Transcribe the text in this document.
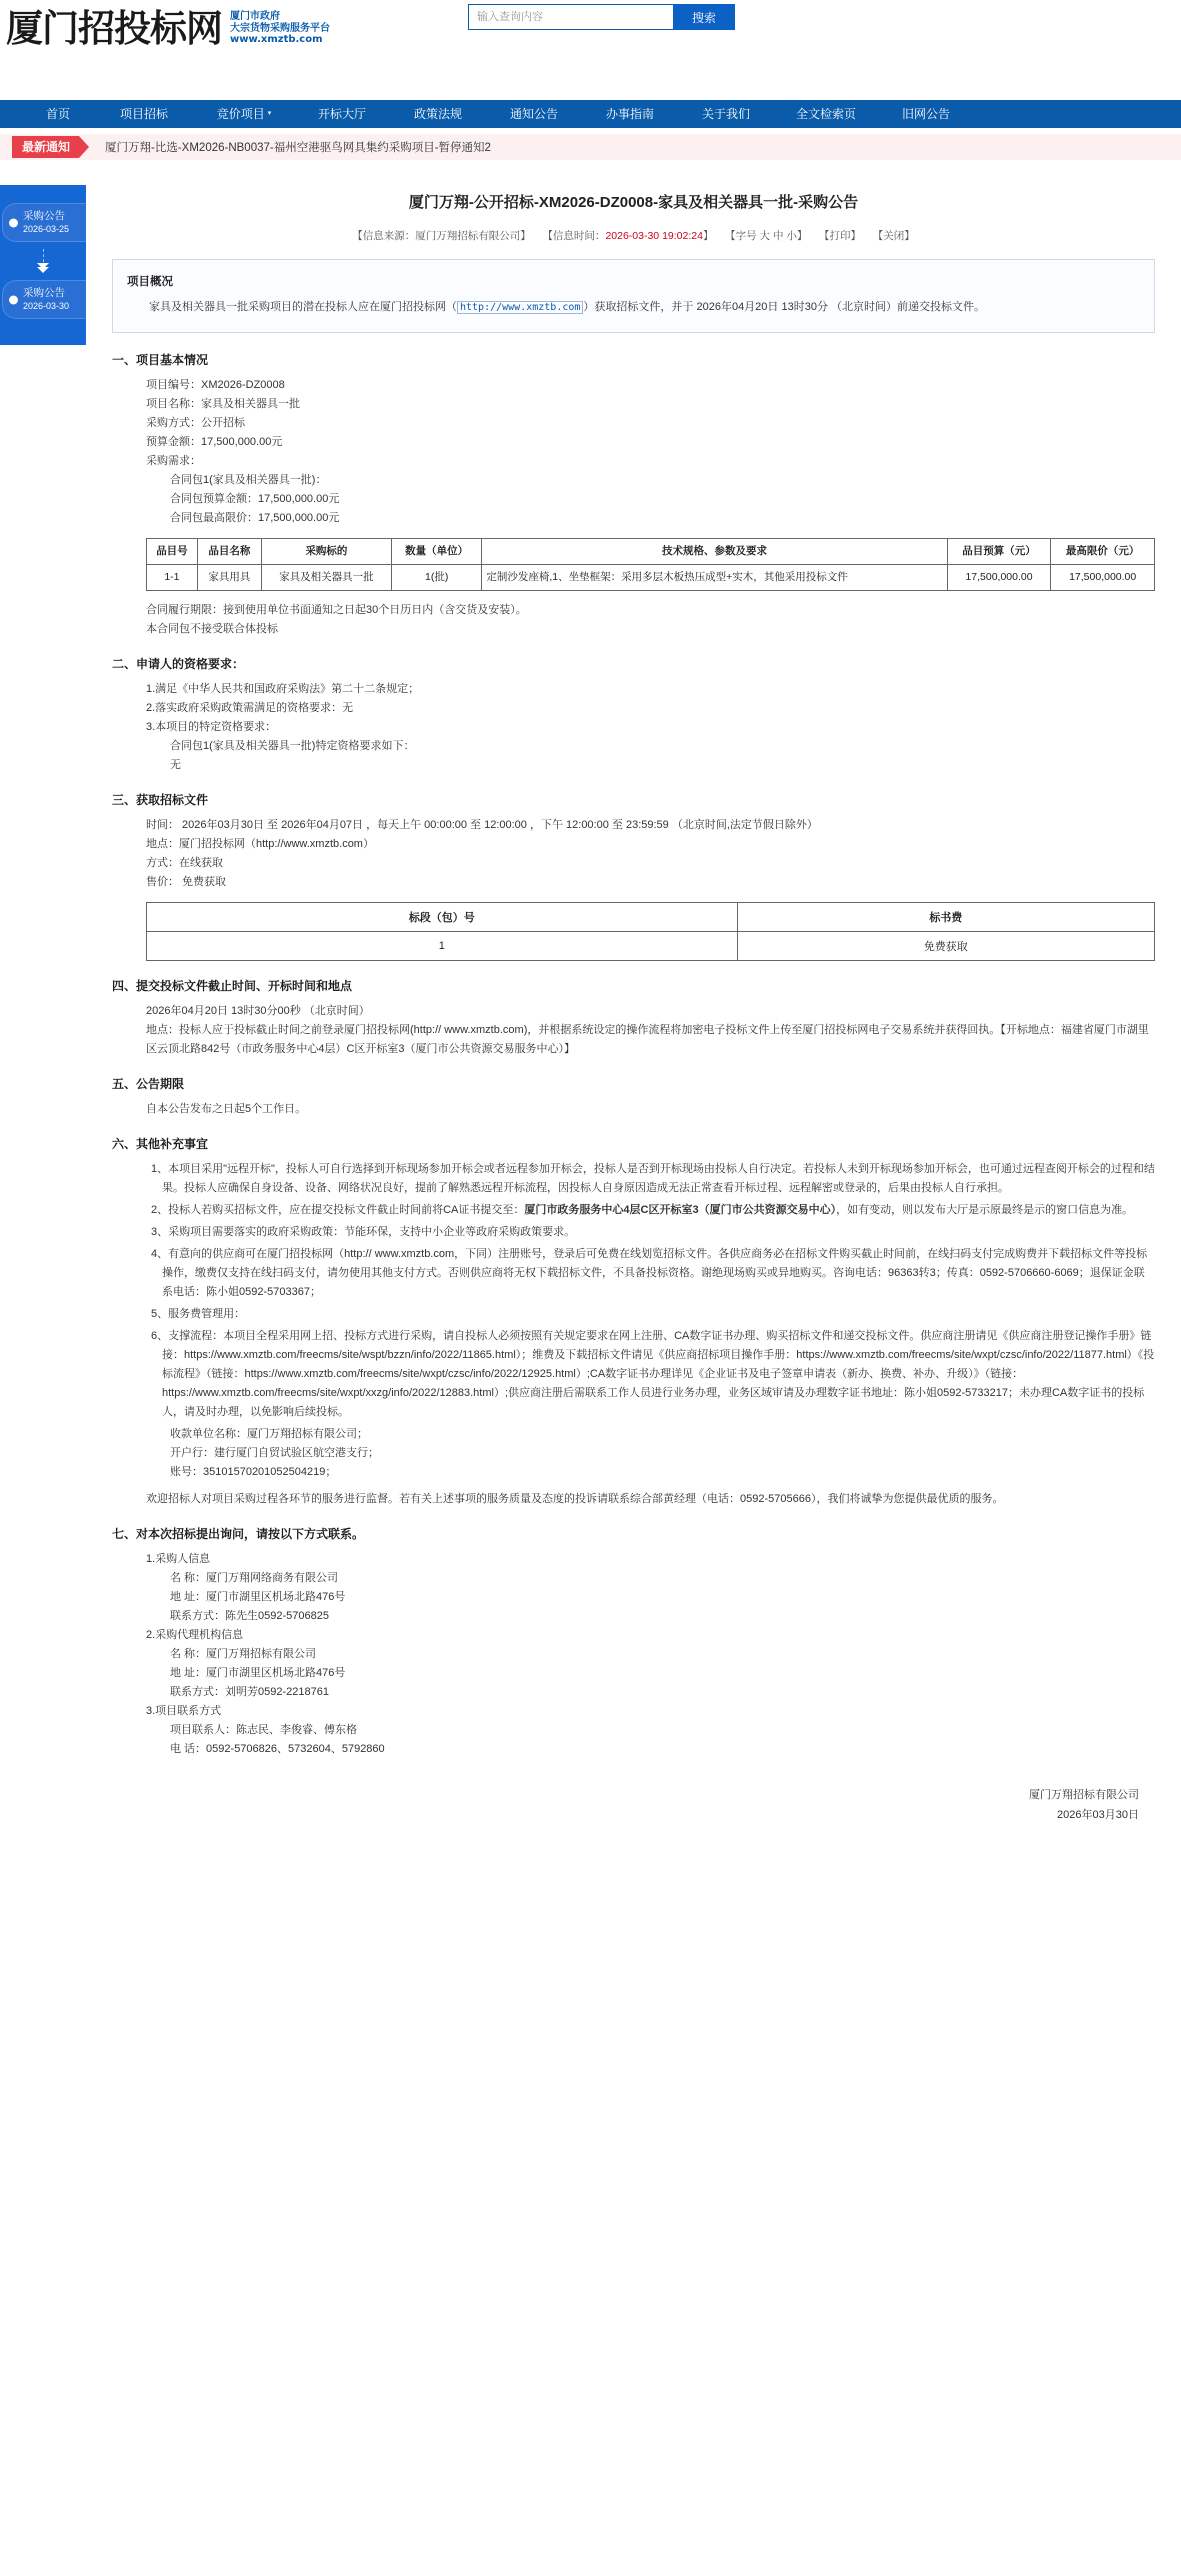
厦门招投标网 厦门市政府
大宗货物采购服务平台
www.xmztb.com
输入查询内容
搜索
首页	项目招标	竞价项目 ▾	开标大厅	政策法规	通知公告	办事指南	关于我们	全文检索页	旧网公告
最新通知	厦门万翔-比选-XM2026-NB0037-福州空港驱鸟网具集约采购项目-暂停通知2
采购公告
2026-03-25
采购公告
2026-03-30
厦门万翔-公开招标-XM2026-DZ0008-家具及相关器具一批-采购公告
【信息来源：厦门万翔招标有限公司】 【信息时间：2026-03-30 19:02:24】 【字号 大 中 小】 【打印】 【关闭】
项目概况

家具及相关器具一批采购项目的潜在投标人应在厦门招投标网（ http://www.xmztb.com ）获取招标文件，并于 2026年04月20日 13时30分 （北京时间）前递交投标文件。

一、项目基本情况
项目编号：XM2026-DZ0008
项目名称：家具及相关器具一批
采购方式：公开招标
预算金额：17,500,000.00元
采购需求：
合同包1(家具及相关器具一批)：
合同包预算金额：17,500,000.00元
合同包最高限价：17,500,000.00元
品目号	品目名称	采购标的	数量（单位）	技术规格、参数及要求	品目预算（元）	最高限价（元）
1-1	家具用具	家具及相关器具一批	1(批)	定制沙发座椅,1、坐垫框架：采用多层木板热压成型+实木，其他采用投标文件	17,500,000.00	17,500,000.00
合同履行期限：接到使用单位书面通知之日起30个日历日内（含交货及安装）。
本合同包不接受联合体投标
二、申请人的资格要求：
1.满足《中华人民共和国政府采购法》第二十二条规定；
2.落实政府采购政策需满足的资格要求：无
3.本项目的特定资格要求：
合同包1(家具及相关器具一批)特定资格要求如下：
无
三、获取招标文件
时间： 2026年03月30日 至 2026年04月07日 ，每天上午 00:00:00 至 12:00:00 ，下午 12:00:00 至 23:59:59 （北京时间,法定节假日除外）
地点：厦门招投标网（http://www.xmztb.com）
方式：在线获取
售价： 免费获取
标段（包）号	标书费
1	免费获取
四、提交投标文件截止时间、开标时间和地点
2026年04月20日 13时30分00秒 （北京时间）
地点：投标人应于投标截止时间之前登录厦门招投标网(http:// www.xmztb.com)，并根据系统设定的操作流程将加密电子投标文件上传至厦门招投标网电子交易系统并获得回执。【开标地点：福建省厦门市湖里区云顶北路842号（市政务服务中心4层）C区开标室3（厦门市公共资源交易服务中心）】
五、公告期限
自本公告发布之日起5个工作日。
六、其他补充事宜
1、本项目采用"远程开标"，投标人可自行选择到开标现场参加开标会或者远程参加开标会，投标人是否到开标现场由投标人自行决定。若投标人未到开标现场参加开标会，也可通过远程查阅开标会的过程和结果。投标人应确保自身设备、设备、网络状况良好，提前了解熟悉远程开标流程，因投标人自身原因造成无法正常查看开标过程、远程解密或登录的，后果由投标人自行承担。
2、投标人若购买招标文件，应在提交投标文件截止时间前将CA证书提交至：厦门市政务服务中心4层C区开标室3（厦门市公共资源交易中心），如有变动，则以发布大厅是示原最终是示的窗口信息为准。
3、采购项目需要落实的政府采购政策：节能环保，支持中小企业等政府采购政策要求。
4、有意向的供应商可在厦门招投标网（http:// www.xmztb.com，下同）注册账号，登录后可免费在线划览招标文件。各供应商务必在招标文件购买截止时间前，在线扫码支付完成购费并下载招标文件等投标操作，缴费仅支持在线扫码支付，请勿使用其他支付方式。否则供应商将无权下载招标文件，不具备投标资格。谢绝现场购买或异地购买。咨询电话：96363转3；传真：0592-5706660-6069；退保证金联系电话：陈小姐0592-5703367；
5、服务费管理用：
6、支撑流程：本项目全程采用网上招、投标方式进行采购，请自投标人必须按照有关规定要求在网上注册、CA数字证书办理、购买招标文件和递交投标文件。供应商注册请见《供应商注册登记操作手册》链接：https://www.xmztb.com/freecms/site/wspt/bzzn/info/2022/11865.html）；维费及下载招标文件请见《供应商招标项目操作手册：https://www.xmztb.com/freecms/site/wxpt/czsc/info/2022/11877.html）《投标流程》（链接：https://www.xmztb.com/freecms/site/wxpt/czsc/info/2022/12925.html）;CA数字证书办理详见《企业证书及电子签章申请表（新办、换费、补办、升级）》（链接：https://www.xmztb.com/freecms/site/wxpt/xxzg/info/2022/12883.html）;供应商注册后需联系工作人员进行业务办理，业务区域审请及办理数字证书地址：陈小姐0592-5733217；未办理CA数字证书的投标人，请及时办理，以免影响后续投标。
收款单位名称：厦门万翔招标有限公司；
开户行：建行厦门自贸试验区航空港支行；
账号：35101570201052504219；
欢迎招标人对项目采购过程各环节的服务进行监督。若有关上述事项的服务质量及态度的投诉请联系综合部黄经理（电话：0592-5705666），我们将诚挚为您提供最优质的服务。
七、对本次招标提出询问，请按以下方式联系。
1.采购人信息
名 称：厦门万翔网络商务有限公司
地 址：厦门市湖里区机场北路476号
联系方式：陈先生0592-5706825
2.采购代理机构信息
名 称：厦门万翔招标有限公司
地 址：厦门市湖里区机场北路476号
联系方式：刘明芳0592-2218761
3.项目联系方式
项目联系人：陈志民、李俊睿、傅东格
电 话：0592-5706826、5732604、5792860
厦门万翔招标有限公司
2026年03月30日
